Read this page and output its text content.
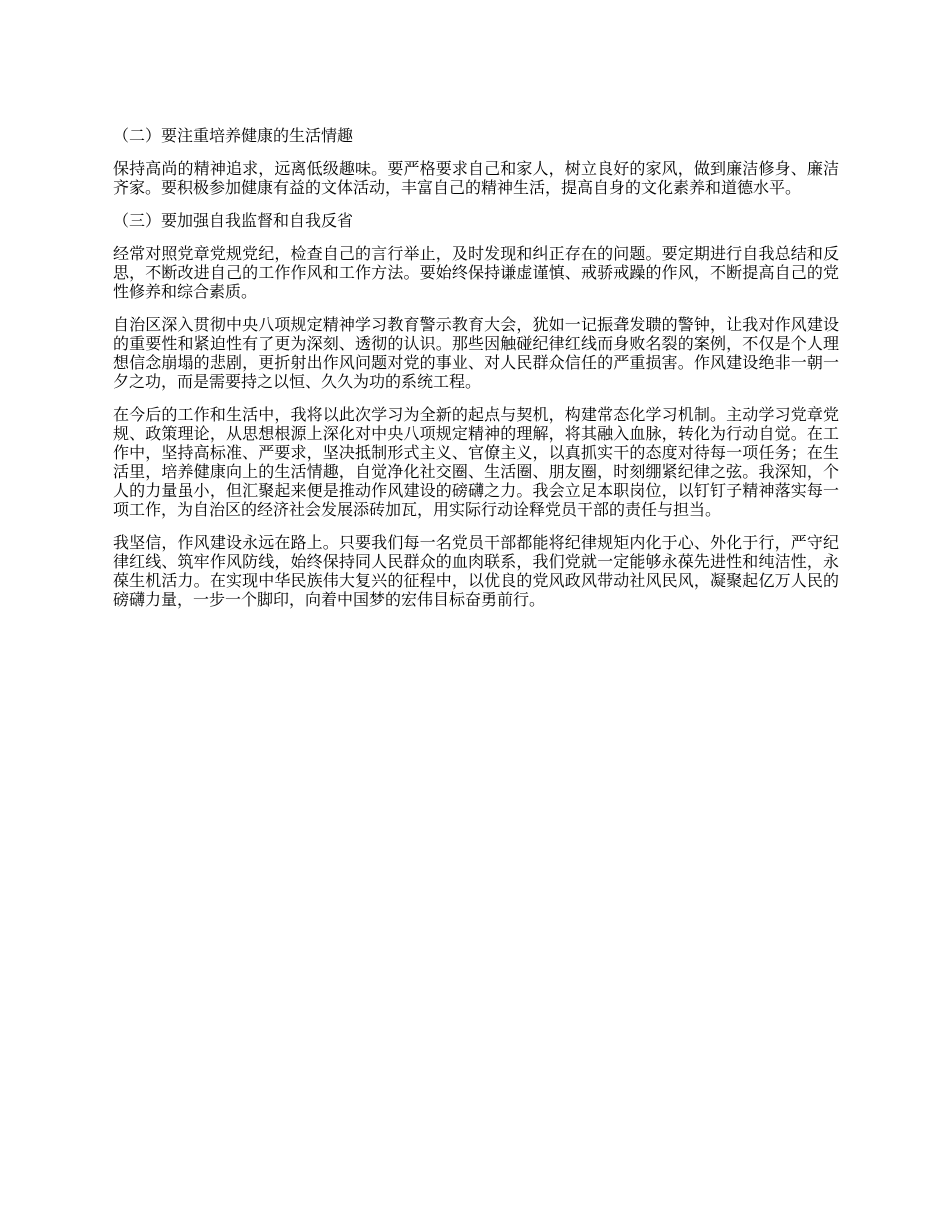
（二）要注重培养健康的生活情趣
保持高尚的精神追求，远离低级趣味。要严格要求自己和家人，树立良好的家风，做到廉洁修身、廉洁齐家。要积极参加健康有益的文体活动，丰富自己的精神生活，提高自身的文化素养和道德水平。
（三）要加强自我监督和自我反省
经常对照党章党规党纪，检查自己的言行举止，及时发现和纠正存在的问题。要定期进行自我总结和反思，不断改进自己的工作作风和工作方法。要始终保持谦虚谨慎、戒骄戒躁的作风，不断提高自己的党性修养和综合素质。
自治区深入贯彻中央八项规定精神学习教育警示教育大会，犹如一记振聋发聩的警钟，让我对作风建设的重要性和紧迫性有了更为深刻、透彻的认识。那些因触碰纪律红线而身败名裂的案例，不仅是个人理想信念崩塌的悲剧，更折射出作风问题对党的事业、对人民群众信任的严重损害。作风建设绝非一朝一夕之功，而是需要持之以恒、久久为功的系统工程。
在今后的工作和生活中，我将以此次学习为全新的起点与契机，构建常态化学习机制。主动学习党章党规、政策理论，从思想根源上深化对中央八项规定精神的理解，将其融入血脉，转化为行动自觉。在工作中，坚持高标准、严要求，坚决抵制形式主义、官僚主义，以真抓实干的态度对待每一项任务；在生活里，培养健康向上的生活情趣，自觉净化社交圈、生活圈、朋友圈，时刻绷紧纪律之弦。我深知，个人的力量虽小，但汇聚起来便是推动作风建设的磅礴之力。我会立足本职岗位，以钉钉子精神落实每一项工作，为自治区的经济社会发展添砖加瓦，用实际行动诠释党员干部的责任与担当。
我坚信，作风建设永远在路上。只要我们每一名党员干部都能将纪律规矩内化于心、外化于行，严守纪律红线、筑牢作风防线，始终保持同人民群众的血肉联系，我们党就一定能够永葆先进性和纯洁性，永葆生机活力。在实现中华民族伟大复兴的征程中，以优良的党风政风带动社风民风，凝聚起亿万人民的磅礴力量，一步一个脚印，向着中国梦的宏伟目标奋勇前行。
